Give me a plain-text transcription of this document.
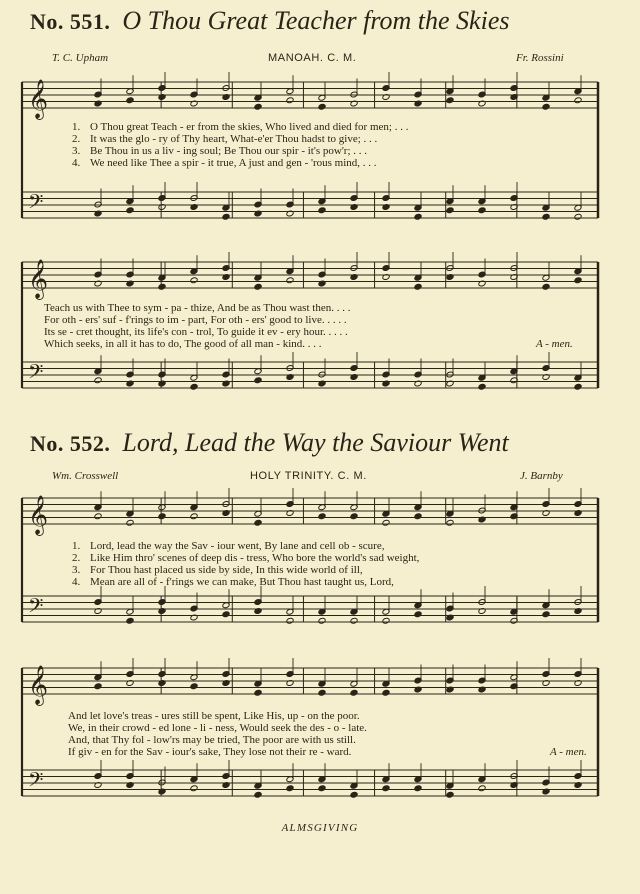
No. 551. O Thou Great Teacher from the Skies
T. C. Upham	MANOAH. C. M.	Fr. Rossini
𝄞
𝄢
1. O Thou great Teach - er from the skies, Who lived and died for men; . . .
2. It was the glo - ry of Thy heart, What-e'er Thou hadst to give; . . .
3. Be Thou in us a liv - ing soul; Be Thou our spir - it's pow'r; . . .
4. We need like Thee a spir - it true, A just and gen - 'rous mind, . . .
𝄞
𝄢
Teach us with Thee to sym - pa - thize, And be as Thou wast then. . . .
For oth - ers' suf - f'rings to im - part, For oth - ers' good to live. . . . .
Its se - cret thought, its life's con - trol, To guide it ev - ery hour. . . . .
Which seeks, in all it has to do, The good of all man - kind. . . .	A - men.
No. 552. Lord, Lead the Way the Saviour Went
Wm. Crosswell	HOLY TRINITY. C. M.	J. Barnby
𝄞
𝄢
1. Lord, lead the way the Sav - iour went, By lane and cell ob - scure,
2. Like Him thro' scenes of deep dis - tress, Who bore the world's sad weight,
3. For Thou hast placed us side by side, In this wide world of ill,
4. Mean are all of - f'rings we can make, But Thou hast taught us, Lord,
𝄞
𝄢
And let love's treas - ures still be spent, Like His, up - on the poor.
We, in their crowd - ed lone - li - ness, Would seek the des - o - late.
And, that Thy fol - low'rs may be tried, The poor are with us still.
If giv - en for the Sav - iour's sake, They lose not their re - ward.	A - men.
ALMSGIVING
